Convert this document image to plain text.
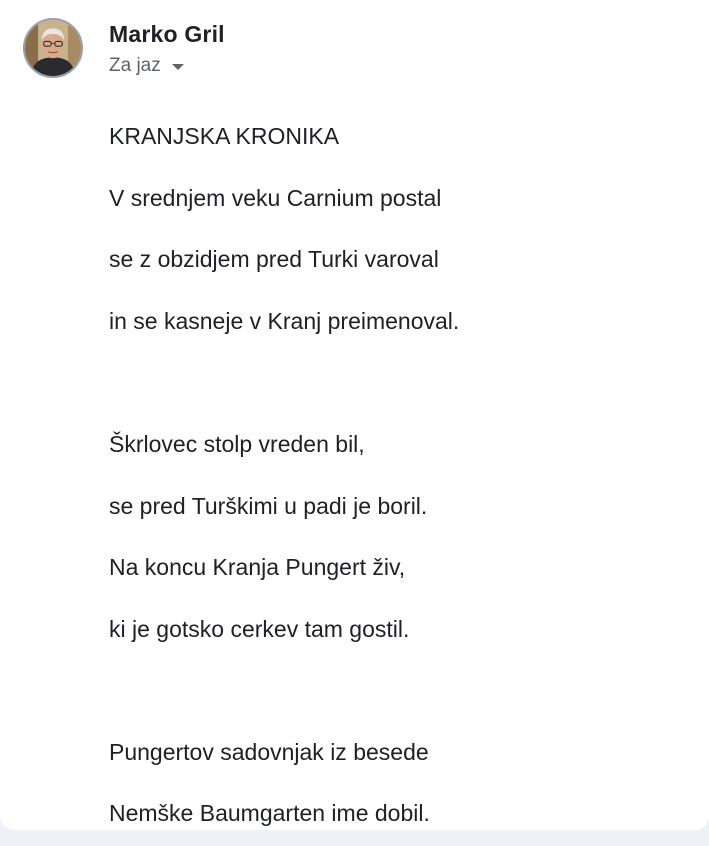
Marko Gril
Za jaz
KRANJSKA KRONIKA
V srednjem veku Carnium postal
se z obzidjem pred Turki varoval
in se kasneje v Kranj preimenoval.
Škrlovec stolp vreden bil,
se pred Turškimi u padi je boril.
Na koncu Kranja Pungert živ,
ki je gotsko cerkev tam gostil.
Pungertov sadovnjak iz besede
Nemške Baumgarten ime dobil.
